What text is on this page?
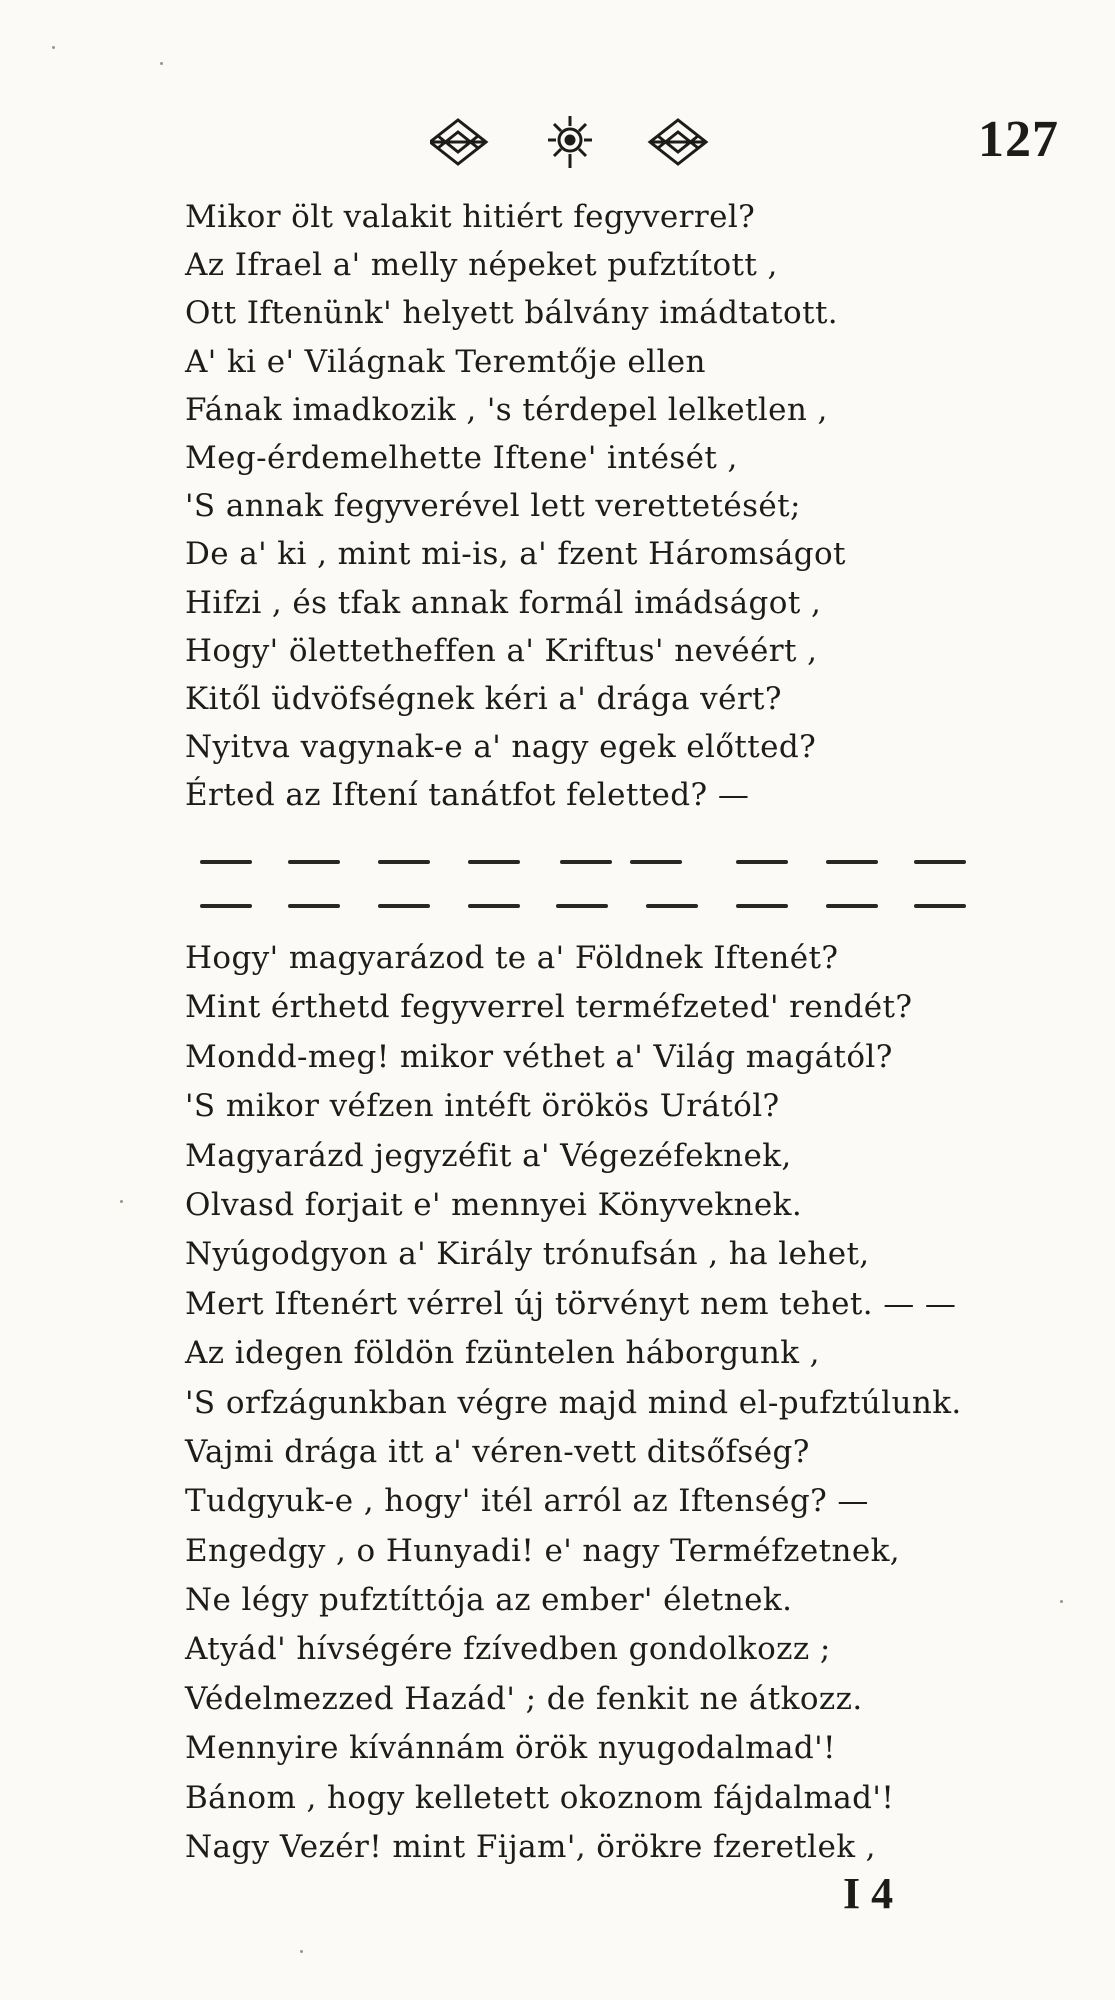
127
Mikor ölt valakit hitiért fegyverrel?
Az Ifrael a' melly népeket pufztított ,
Ott Iftenünk' helyett bálvány imádtatott.
A' ki e' Világnak Teremtője ellen
Fának imadkozik , 's térdepel lelketlen ,
Meg-érdemelhette Iftene' intését ,
'S annak fegyverével lett verettetését;
De a' ki , mint mi-is, a' fzent Háromságot
Hifzi , és tfak annak formál imádságot ,
Hogy' ölettetheffen a' Kriftus' nevéért ,
Kitől üdvöfségnek kéri a' drága vért?
Nyitva vagynak-e a' nagy egek előtted?
Érted az Iftení tanátfot feletted? —
Hogy' magyarázod te a' Földnek Iftenét?
Mint érthetd fegyverrel terméfzeted' rendét?
Mondd-meg! mikor véthet a' Világ magától?
'S mikor véfzen intéft örökös Urától?
Magyarázd jegyzéfit a' Végezéfeknek,
Olvasd forjait e' mennyei Könyveknek.
Nyúgodgyon a' Király trónufsán , ha lehet,
Mert Iftenért vérrel új törvényt nem tehet. — —
Az idegen földön fzüntelen háborgunk ,
'S orfzágunkban végre majd mind el-pufztúlunk.
Vajmi drága itt a' véren-vett ditsőfség?
Tudgyuk-e , hogy' itél arról az Iftenség? —
Engedgy , o Hunyadi! e' nagy Terméfzetnek,
Ne légy pufztíttója az ember' életnek.
Atyád' hívségére fzívedben gondolkozz ;
Védelmezzed Hazád' ; de fenkit ne átkozz.
Mennyire kívánnám örök nyugodalmad'!
Bánom , hogy kelletett okoznom fájdalmad'!
Nagy Vezér! mint Fijam', örökre fzeretlek ,
I 4
